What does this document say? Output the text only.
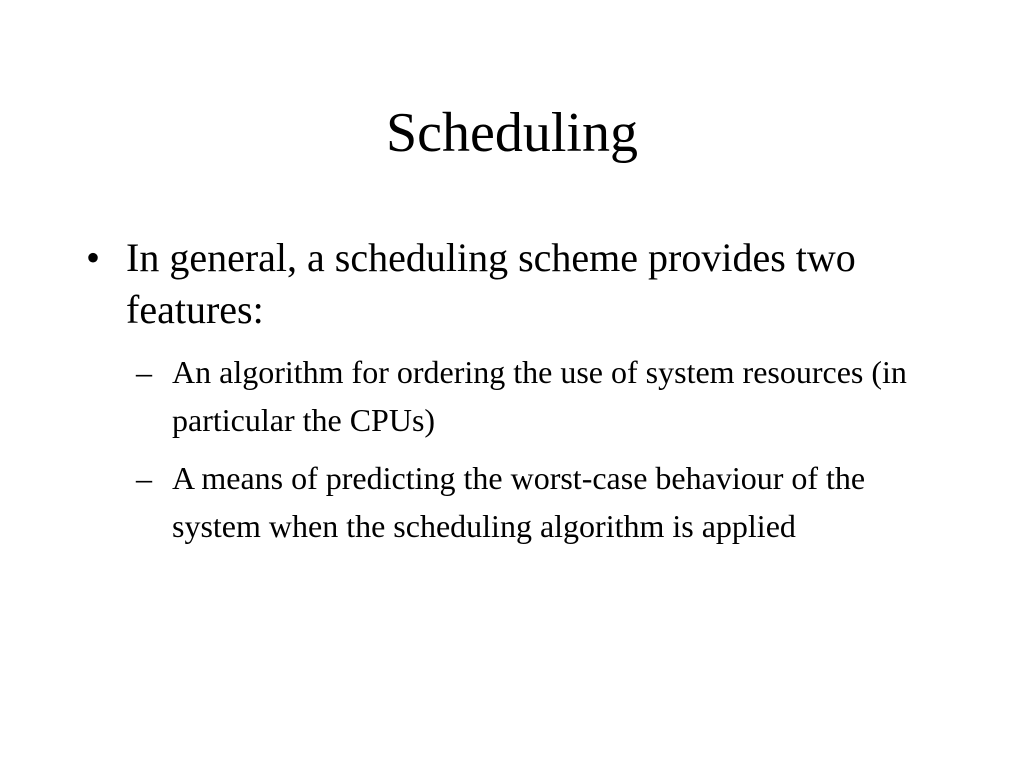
Scheduling
• In general, a scheduling scheme provides two features:
– An algorithm for ordering the use of system resources (in particular the CPUs)
– A means of predicting the worst-case behaviour of the system when the scheduling algorithm is applied
